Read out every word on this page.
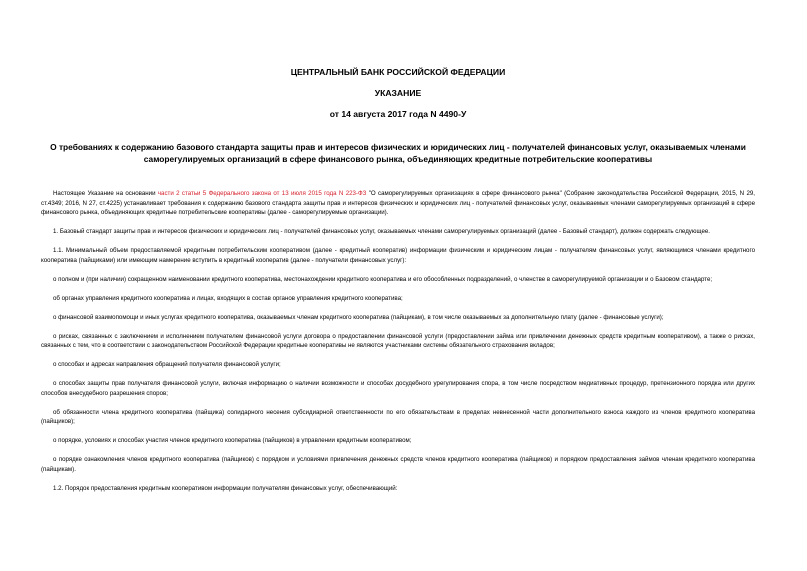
ЦЕНТРАЛЬНЫЙ БАНК РОССИЙСКОЙ ФЕДЕРАЦИИ

УКАЗАНИЕ

от 14 августа 2017 года N 4490-У

О требованиях к содержанию базового стандарта защиты прав и интересов физических и юридических лиц - получателей финансовых услуг, оказываемых членами саморегулируемых организаций в сфере финансового рынка, объединяющих кредитные потребительские кооперативы

Настоящее Указание на основании части 2 статьи 5 Федерального закона от 13 июля 2015 года N 223-ФЗ "О саморегулируемых организациях в сфере финансового рынка" (Собрание законодательства Российской Федерации, 2015, N 29, ст.4349; 2016, N 27, ст.4225) устанавливает требования к содержанию базового стандарта защиты прав и интересов физических и юридических лиц - получателей финансовых услуг, оказываемых членами саморегулируемых организаций в сфере финансового рынка, объединяющих кредитные потребительские кооперативы (далее - саморегулируемые организации).

1. Базовый стандарт защиты прав и интересов физических и юридических лиц - получателей финансовых услуг, оказываемых членами саморегулируемых организаций (далее - Базовый стандарт), должен содержать следующее.

1.1. Минимальный объем предоставляемой кредитным потребительским кооперативом (далее - кредитный кооператив) информации физическим и юридическим лицам - получателям финансовых услуг, являющимся членами кредитного кооператива (пайщиками) или имеющим намерение вступить в кредитный кооператив (далее - получатели финансовых услуг):

о полном и (при наличии) сокращенном наименовании кредитного кооператива, местонахождении кредитного кооператива и его обособленных подразделений, о членстве в саморегулируемой организации и о Базовом стандарте;

об органах управления кредитного кооператива и лицах, входящих в состав органов управления кредитного кооператива;

о финансовой взаимопомощи и иных услугах кредитного кооператива, оказываемых членам кредитного кооператива (пайщикам), в том числе оказываемых за дополнительную плату (далее - финансовые услуги);

о рисках, связанных с заключением и исполнением получателем финансовой услуги договора о предоставлении финансовой услуги (предоставлении займа или привлечении денежных средств кредитным кооперативом), а также о рисках, связанных с тем, что в соответствии с законодательством Российской Федерации кредитные кооперативы не являются участниками системы обязательного страхования вкладов;

о способах и адресах направления обращений получателя финансовой услуги;

о способах защиты прав получателя финансовой услуги, включая информацию о наличии возможности и способах досудебного урегулирования спора, в том числе посредством медиативных процедур, претензионного порядка или других способов внесудебного разрешения споров;

об обязанности члена кредитного кооператива (пайщика) солидарного несения субсидиарной ответственности по его обязательствам в пределах невнесенной части дополнительного взноса каждого из членов кредитного кооператива (пайщиков);

о порядке, условиях и способах участия членов кредитного кооператива (пайщиков) в управлении кредитным кооперативом;

о порядке ознакомления членов кредитного кооператива (пайщиков) с порядком и условиями привлечения денежных средств членов кредитного кооператива (пайщиков) и порядком предоставления займов членам кредитного кооператива (пайщикам).

1.2. Порядок предоставления кредитным кооперативом информации получателям финансовых услуг, обеспечивающий:
